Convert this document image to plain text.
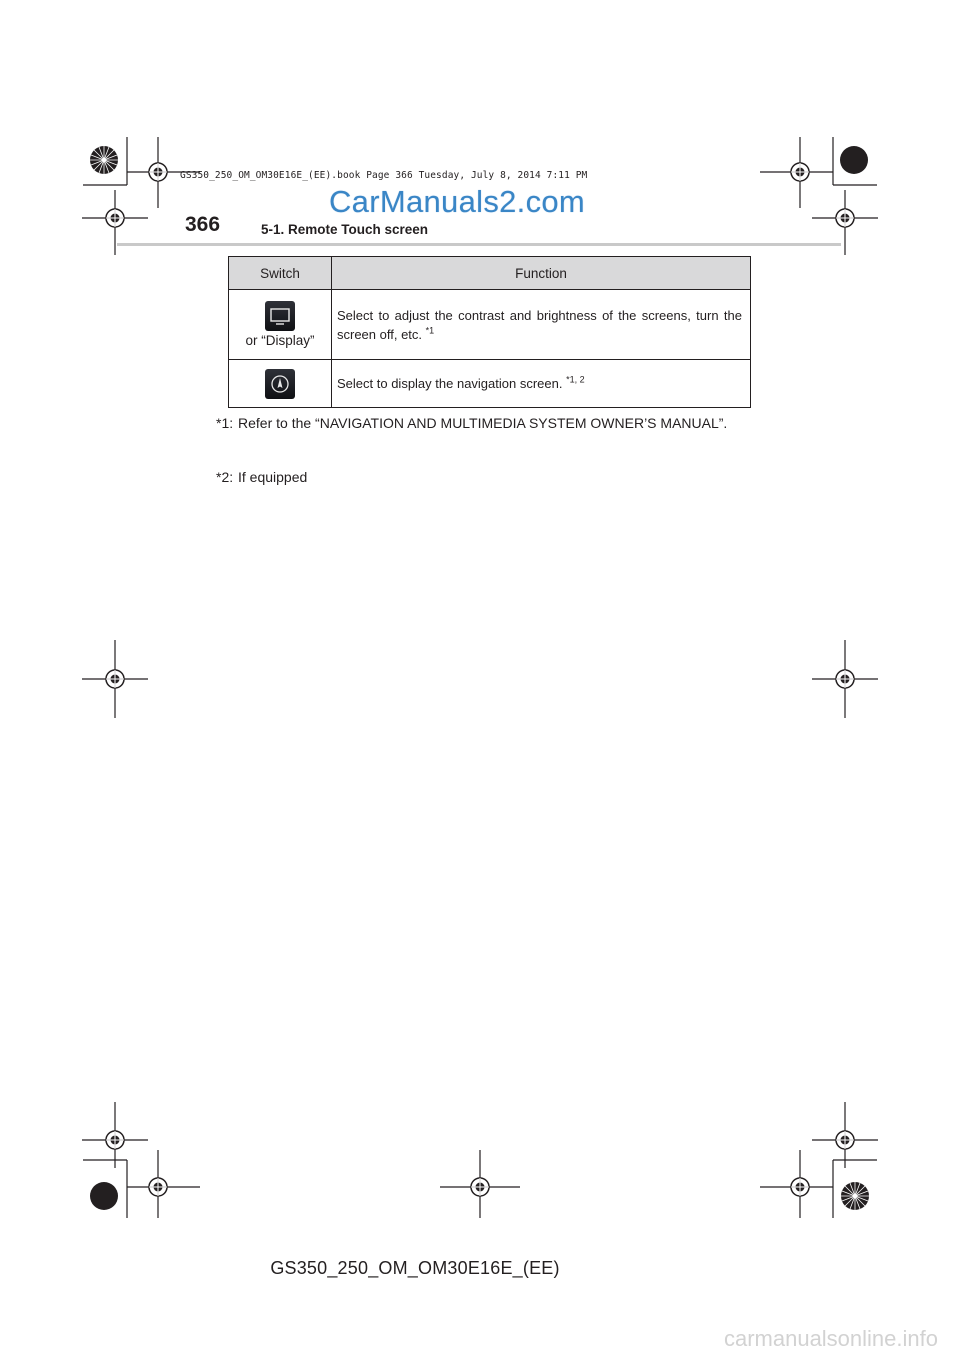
GS350_250_OM_OM30E16E_(EE).book Page 366 Tuesday, July 8, 2014 7:11 PM
CarManuals2.com
366	5-1. Remote Touch screen
Switch	Function

or “Display”	Select to adjust the contrast and brightness of the screens, turn the screen off, etc. $^{*1}$
	Select to display the navigation screen. $^{*1, 2}$
*1: Refer to the “NAVIGATION AND MULTIMEDIA SYSTEM OWNER’S MANUAL”.
*2: If equipped
GS350_250_OM_OM30E16E_(EE)
carmanualsonline.info
